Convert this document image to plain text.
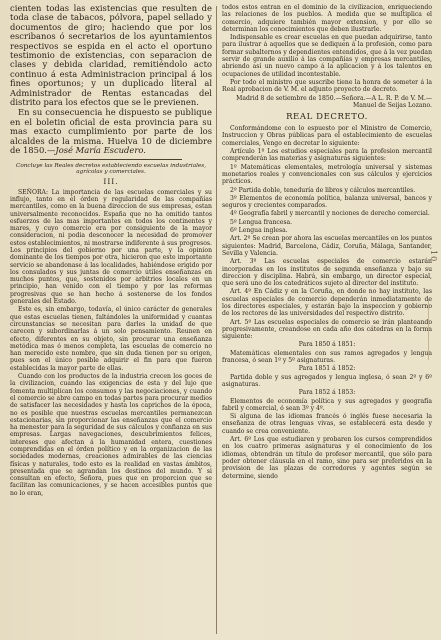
cienten todas las existencias que resulten de toda clase de tabacos, pólvora, papel sellado y documentos de giro; haciendo que por los escribanos ó secretarios de los ayuntamientos respectivos se espida en el acto el oportuno testimonio de existencias, con separacion de clases y debida claridad, remitiéndolo acto continuo á esta Administracion principal á los fines oportunos; y un duplicado literal al Administrador de Rentas estancadas del distrito para los efectos que se le previenen.

En su consecuencia he dispuesto se publique en el boletin oficial de esta provincia para su mas exacto cumplimiento por parte de los alcaldes de la misma. Huelva 10 de diciembre de 1850.—José María Escudero.

Concluye las Reales decretos estableciendo escuelas industriales, agrícolas y comerciales.

III.

SEÑORA: La importancia de las escuelas comerciales y su influjo, tanto en el órden y regularidad de las compañías mercantiles, como en la buena direccion de sus empresas, estan universalmente reconocidos. España que no ha omitido tantos esfuerzos de las mas importantes en todos los continentes y mares, y cuyo comercio era por consiguiente de la mayor consideracion, ni podia desconocer la necesidad de promover estos establecimientos, ni mostrarse indiferente á sus progresos. Los principios del gobierno por una parte, y la opinion dominante de los tiempos por otra, hicieron que este importante servicio se abandonase á las localidades, habiéndose erigido por los consulados y sus juntas de comercio útiles enseñanzas en muchos puntos, que, sostenidos por arbitrios locales en un principio, han venido con el tiempo y por las reformas progresivas que se han hecho á sostenerse de los fondos generales del Estado.

Este es, sin embargo, todavía, el único carácter de generales que estas escuelas tienen, faltándoles la uniformidad y cuantas circunstancias se necesitan para darles la unidad de que carecen y subordinarlas á un solo pensamiento. Reunen en efecto, diferentes en su objeto, sin procurar una enseñanza metódica mas ó menos completa, las escuelas de comercio no han merecido este nombre, que sin duda tienen por su origen, pues son el único posible adquirir el fin para que fueron establecidas la mayor parte de ellas.

Cuando con los productos de la industria crecen los goces de la civilizacion, cuando las exigencias de esta y del lujo que fomenta multiplican los consumos y las negociaciones, y cuando el comercio se abre campo en todas partes para procurar medios de satisfacer las necesidades y hasta los caprichos de la época, no es posible que nuestras escuelas mercantiles permanezcan estacionarias, sin proporcionar las enseñanzas que el comercio ha menester para la seguridad de sus cálculos y confianza en sus empresas. Largas navegaciones, descubrimientos felices, intereses que afectan á la humanidad entera, cuestiones comprendidas en el órden político y en la organizacion de las sociedades modernas, creaciones admirables de las ciencias físicas y naturales, todo esto es la realidad en vastas ámbitos, presentada que se agrandan los destinos del mundo. Y si consultan en efecto, Señora, pues que en proporcion que se facilitan las comunicaciones, y se hacen accesibles puntos que no lo eran,

todos estos entran en el dominio de la civilizacion, enriqueciendo las relaciones de los pueblos. A medida que se multiplica el comercio, adquiere también mayor extension, y por ello se determinan los conocimientos que deben ilustrarle.

Indispensable es crear escuelas en que puedan adquirirse, tanto para ilustrar á aquellos que se dediquen á la profesion, como para formar subalternos y dependientes entendidos, que á la vez puedan servir de grande auxilio á las compañías y empresas mercantiles, abriendo así un nuevo campo á la aplicacion y á los talentos en ocupaciones de utilidad incontestable.

Por todo el ministro que suscribe tiene la honra de someter á la Real aprobacion de V. M. el adjunto proyecto de decreto.

Madrid 8 de setiembre de 1850.—Señora.—A L. R. P. de V. M.—Manuel de Seijas Lozano.

REAL DECRETO.

Conformándome con lo espuesto por el Ministro de Comercio, Instruccion y Obras públicas para el establecimiento de escuelas comerciales, Vengo en decretar lo siguiente:

Artículo 1º Los estudios especiales para la profesion mercantil comprenderán las materias y asignaturas siguientes:

1º Matemáticas elementales, metrología universal y sistemas monetarios reales y convencionales con sus cálculos y ejercicios prácticos.

2º Partida doble, teneduría de libros y cálculos mercantiles.

3º Elementos de economía política, balanza universal, bancos y seguros y crecientes comparados.

4º Geografía fabril y mercantil y nociones de derecho comercial.

5º Lengua francesa.

6º Lengua inglesa.

Art. 2º Se crean por ahora las escuelas mercantiles en los puntos siguientes: Madrid, Barcelona, Cádiz, Coruña, Málaga, Santander, Sevilla y Valencia.

Art. 3º Las escuelas especiales de comercio estarán incorporadas en los institutos de segunda enseñanza y bajo su direccion y disciplina. Habrá, sin embargo, un director especial, que será uno de los catedráticos sujeto al director del instituto.

Art. 4º En Cádiz y en la Coruña, en donde no hay instituto, las escuelas especiales de comercio dependerán inmediatamente de los directores especiales, y estarán bajo la inspeccion y gobierno de los rectores de las universidades del respectivo distrito.

Art. 5º Las escuelas especiales de comercio se irán planteando progresivamente, creandose en cada año dos cátedras en la forma siguiente:

Para 1850 á 1851:

Matemáticas elementales con sus ramos agregados y lengua francesa, ó sean 1º y 5º asignaturas.

Para 1851 á 1852:

Partida doble y sus agregados y lengua inglesa, ó sean 2º y 6º asignaturas.

Para 1852 á 1853:

Elementos de economía política y sus agregados y geografía fabril y comercial, ó sean 3º y 4º.

Si alguna de las idiomas francés ó inglés fuese necesaria la enseñanza de otras lenguas vivas, se establecerá esta desde y cuando se crea conveniente.

Art. 6º Los que estudiaren y probaren los cursos comprendidos en los cuatro primeras asignaturas y el conocimiento de los idiomas, obtendrán un título de profesor mercantil, que sólo para poder obtener cláusula en el ramo, sino para ser preferidos en la provision de las plazas de corredores y agentes según se determine, siendo

10
